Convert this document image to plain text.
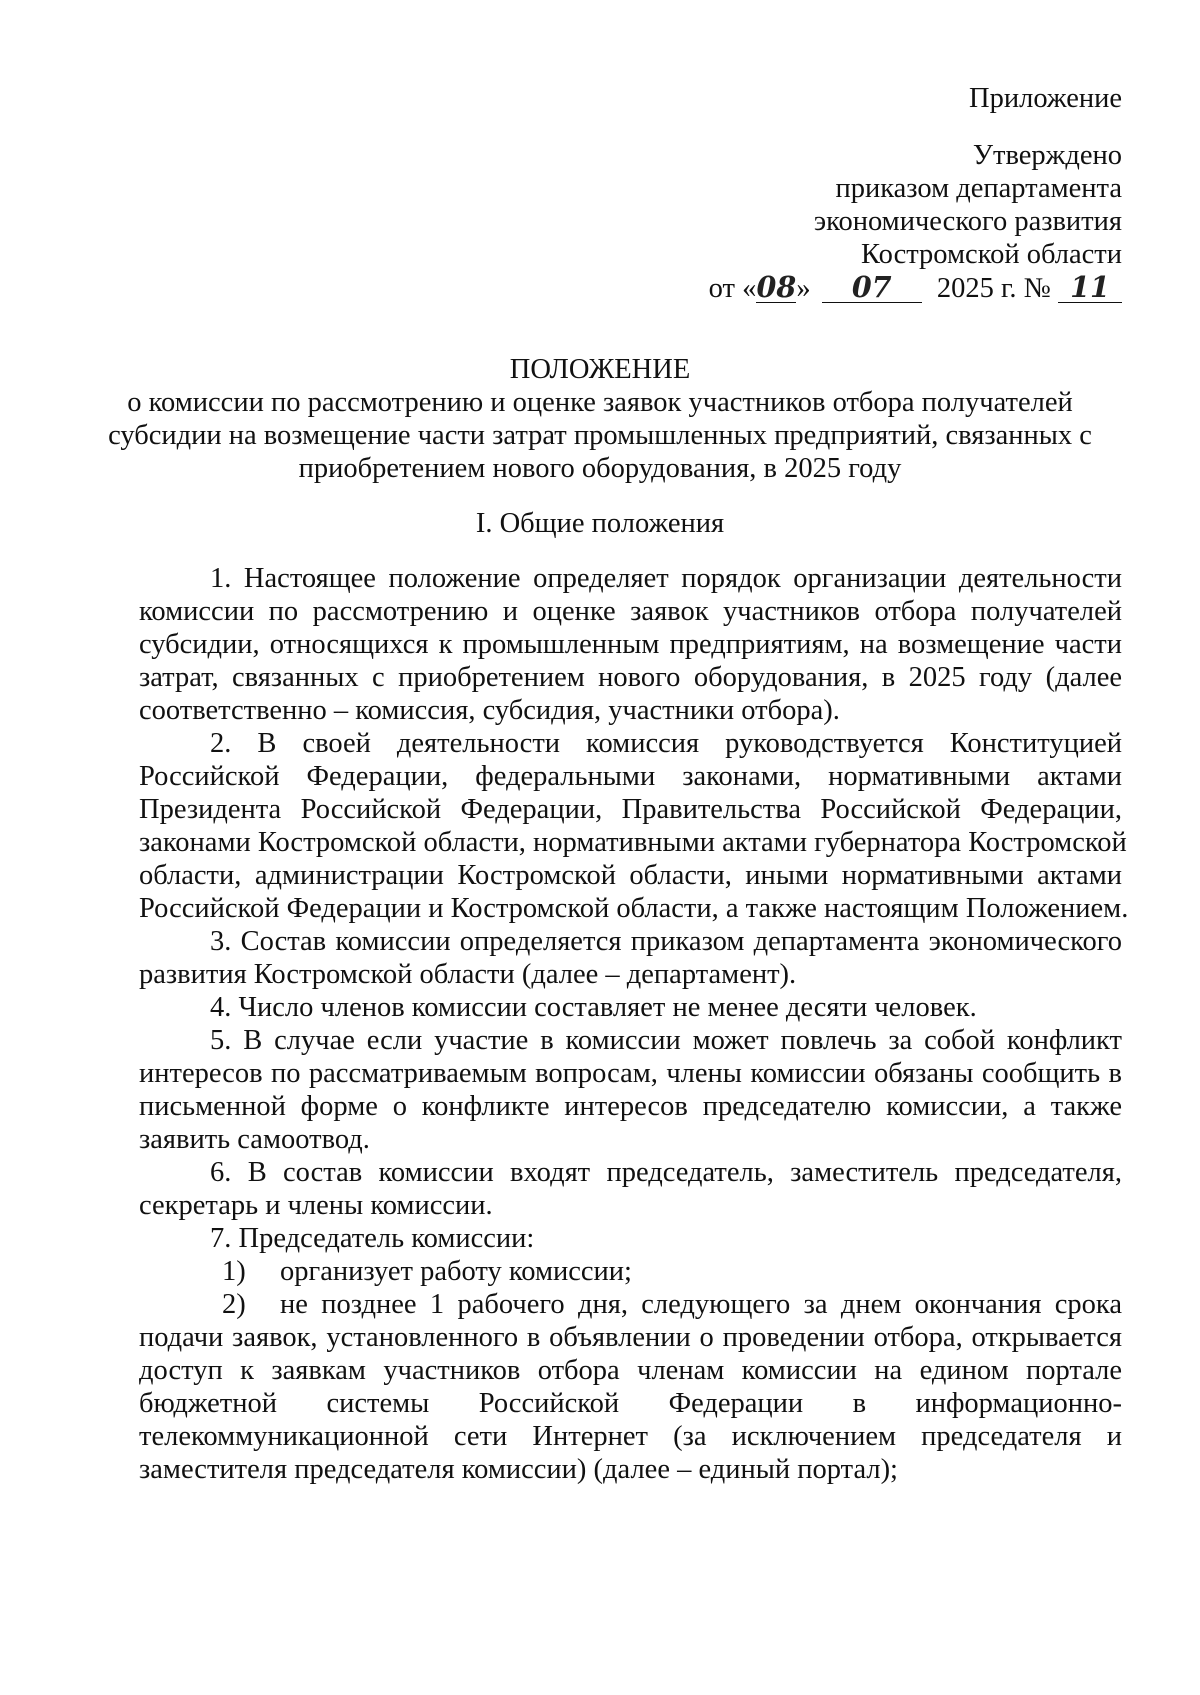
Приложение
Утверждено
приказом департамента
экономического развития
Костромской области
от «08» 07 2025 г. № 11
ПОЛОЖЕНИЕ
о комиссии по рассмотрению и оценке заявок участников отбора получателей
субсидии на возмещение части затрат промышленных предприятий, связанных с
приобретением нового оборудования, в 2025 году
I. Общие положения
1. Настоящее положение определяет порядок организации деятельности
комиссии по рассмотрению и оценке заявок участников отбора получателей
субсидии, относящихся к промышленным предприятиям, на возмещение части
затрат, связанных с приобретением нового оборудования, в 2025 году (далее
соответственно – комиссия, субсидия, участники отбора).
2. В своей деятельности комиссия руководствуется Конституцией
Российской Федерации, федеральными законами, нормативными актами
Президента Российской Федерации, Правительства Российской Федерации,
законами Костромской области, нормативными актами губернатора Костромской
области, администрации Костромской области, иными нормативными актами
Российской Федерации и Костромской области, а также настоящим Положением.
3. Состав комиссии определяется приказом департамента экономического
развития Костромской области (далее – департамент).
4. Число членов комиссии составляет не менее десяти человек.
5. В случае если участие в комиссии может повлечь за собой конфликт
интересов по рассматриваемым вопросам, члены комиссии обязаны сообщить в
письменной форме о конфликте интересов председателю комиссии, а также
заявить самоотвод.
6. В состав комиссии входят председатель, заместитель председателя,
секретарь и члены комиссии.
7. Председатель комиссии:
1) организует работу комиссии;
2) не позднее 1 рабочего дня, следующего за днем окончания срока
подачи заявок, установленного в объявлении о проведении отбора, открывается
доступ к заявкам участников отбора членам комиссии на едином портале
бюджетной системы Российской Федерации в информационно-
телекоммуникационной сети Интернет (за исключением председателя и
заместителя председателя комиссии) (далее – единый портал);
